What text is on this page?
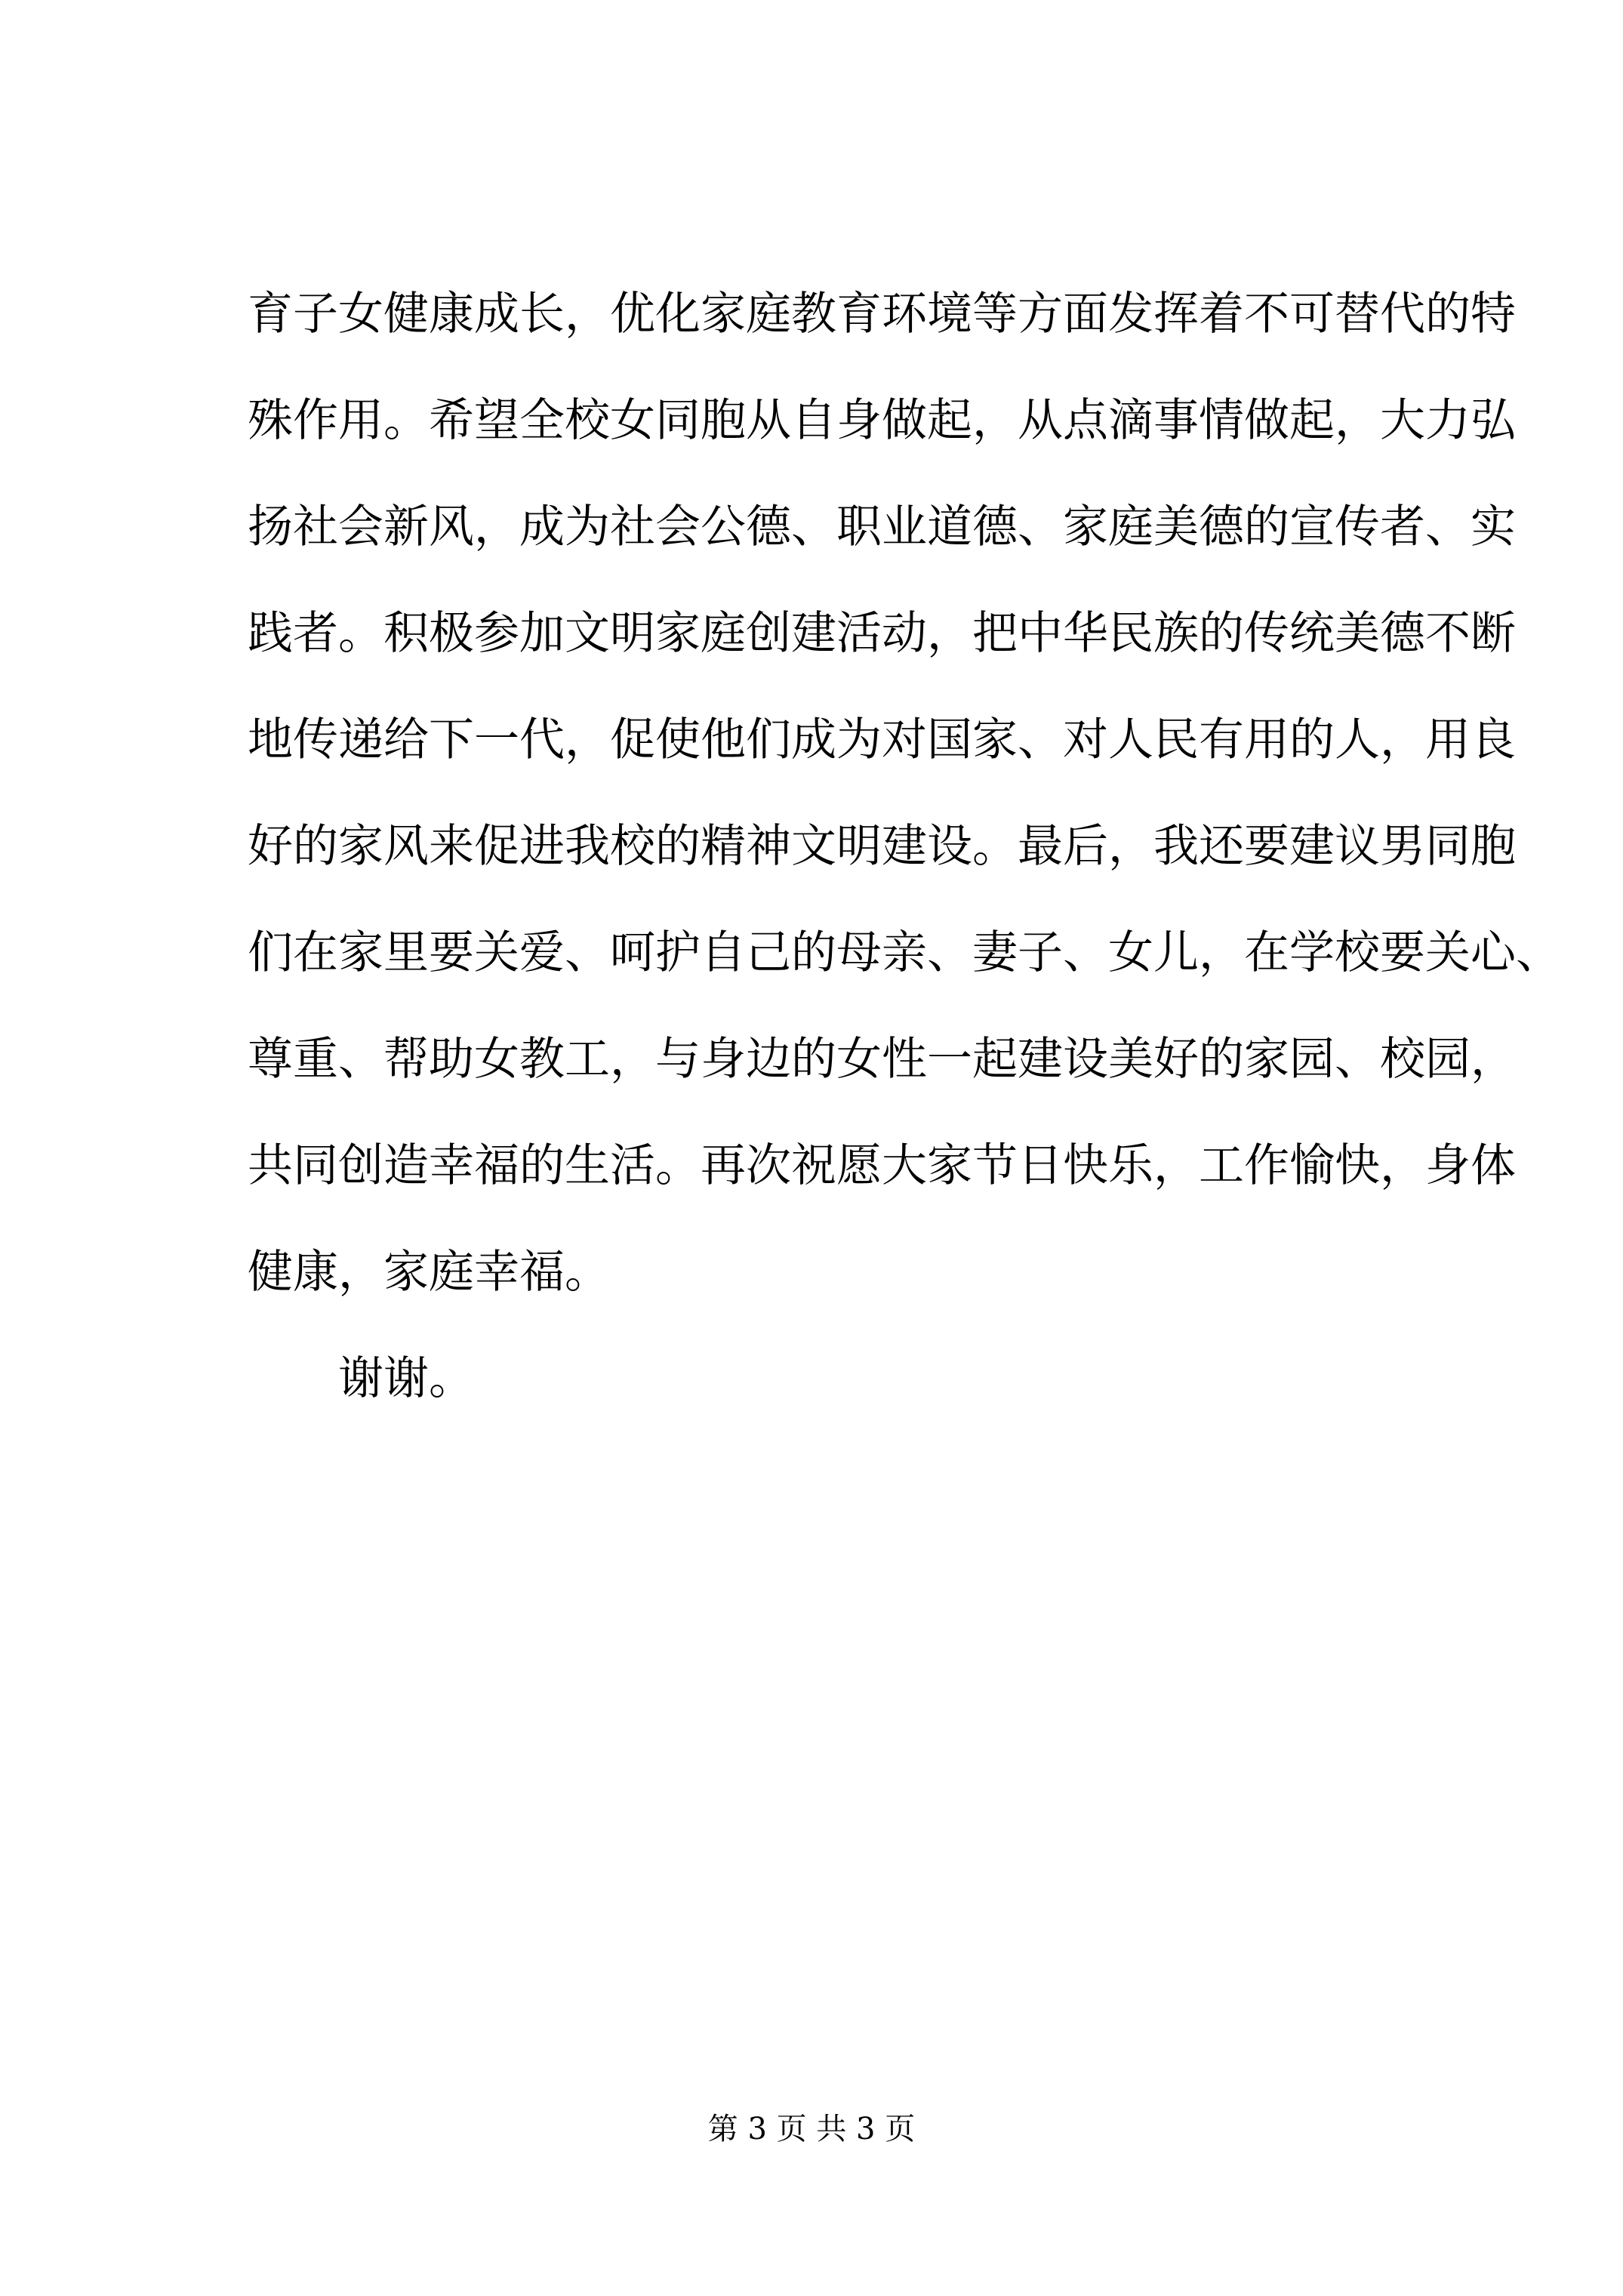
育子女健康成长，优化家庭教育环境等方面发挥着不可替代的特
殊作用。希望全校女同胞从自身做起，从点滴事情做起，大力弘
扬社会新风，成为社会公德、职业道德、家庭美德的宣传者、实
践者。积极参加文明家庭创建活动，把中华民族的传统美德不断
地传递给下一代，促使他们成为对国家、对人民有用的人，用良
好的家风来促进我校的精神文明建设。最后，我还要建议男同胞
们在家里要关爱、呵护自己的母亲、妻子、女儿，在学校要关心、
尊重、帮助女教工，与身边的女性一起建设美好的家园、校园，
共同创造幸福的生活。再次祝愿大家节日快乐，工作愉快，身体
健康，家庭幸福。
谢谢。
第 3 页 共 3 页
